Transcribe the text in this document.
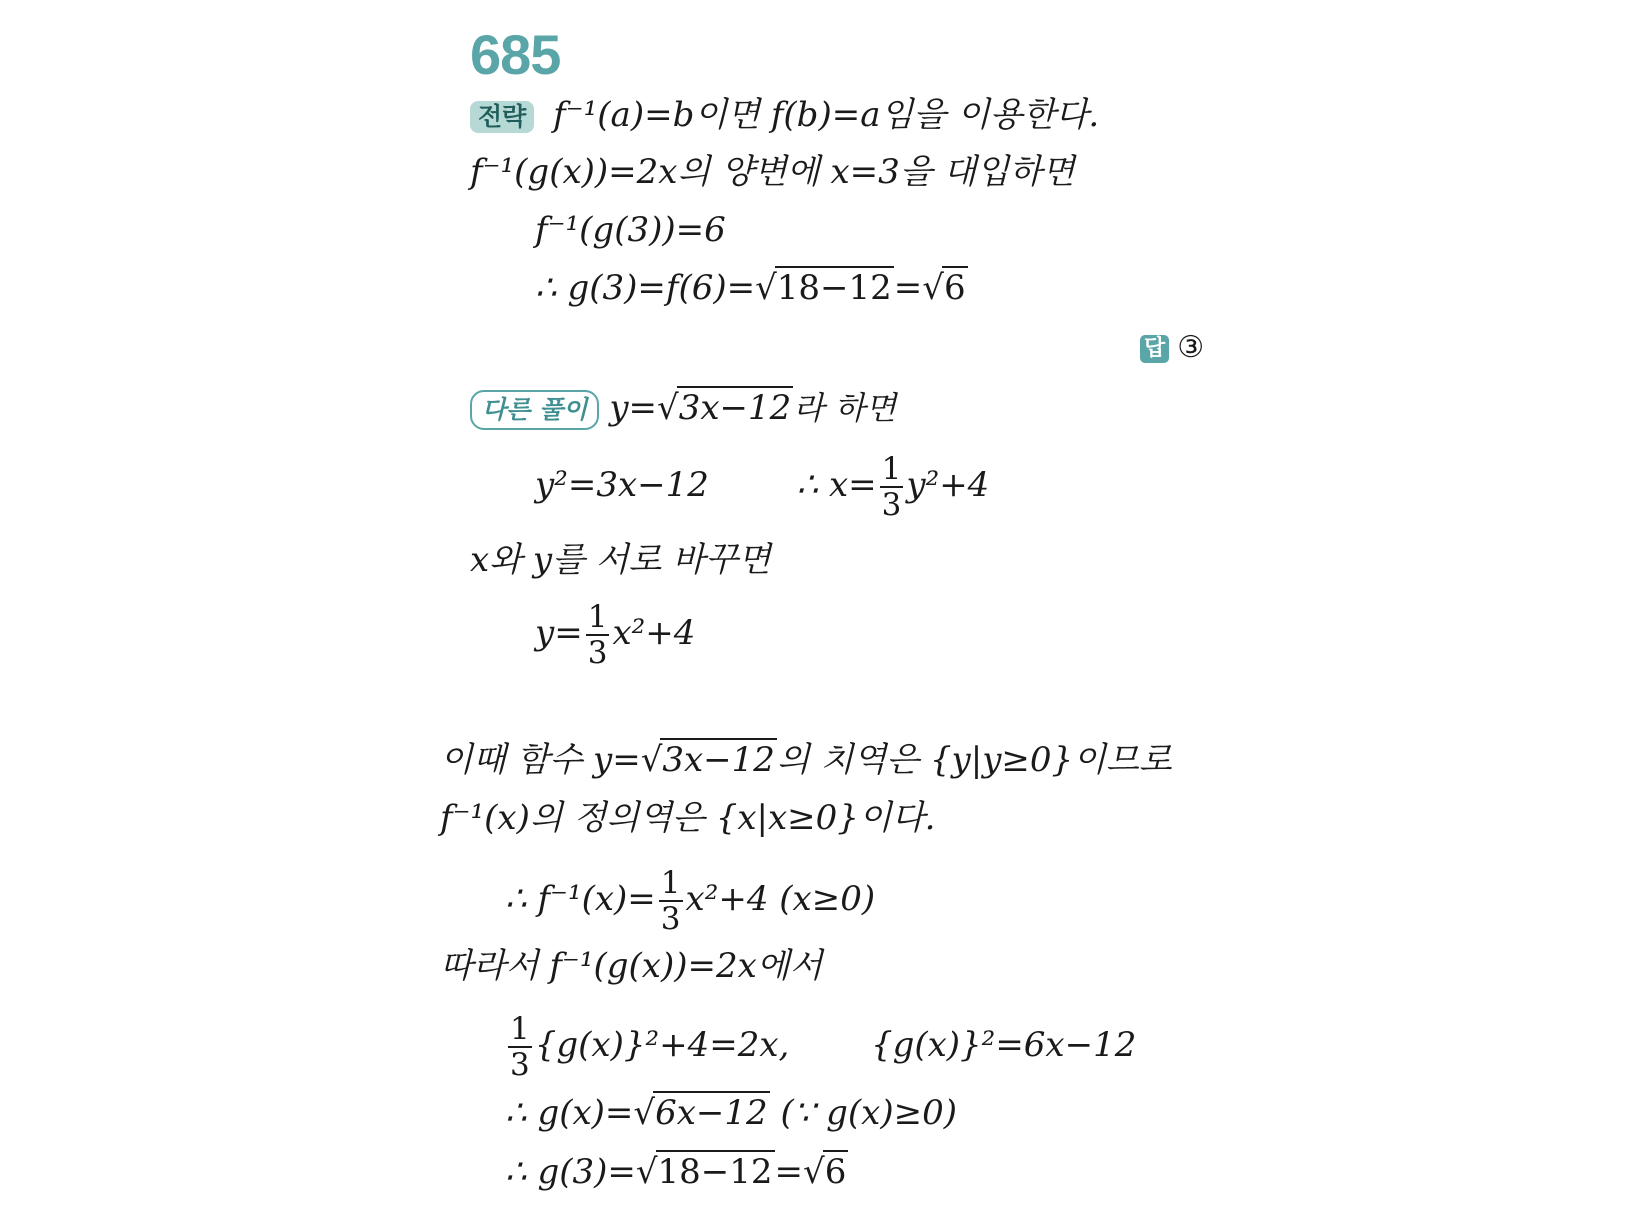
685
전략 f⁻¹(a)=b이면 f(b)=a임을 이용한다.
f⁻¹(g(x))=2x의 양변에 x=3을 대입하면
f⁻¹(g(3))=6
∴ g(3)=f(6)=√18−12=√6
답 ③
다른 풀이 y=√3x−12라 하면
y²=3x−12	∴ $x= \frac{1}{3} y^2+4$
x와 y를 서로 바꾸면
$y= \frac{1}{3} x^2+4$
이때 함수 y=√3x−12의 치역은 {y|y≥0}이므로
f⁻¹(x)의 정의역은 {x|x≥0}이다.
∴ $f^{-1}(x)= \frac{1}{3} x^2+4$ (x≥0)
따라서 f⁻¹(g(x))=2x에서
$\frac{1}{3} \{g(x)\}^2+4=2x$, {g(x)}²=6x−12
∴ g(x)=√6x−12 (∵ g(x)≥0)
∴ g(3)=√18−12=√6
